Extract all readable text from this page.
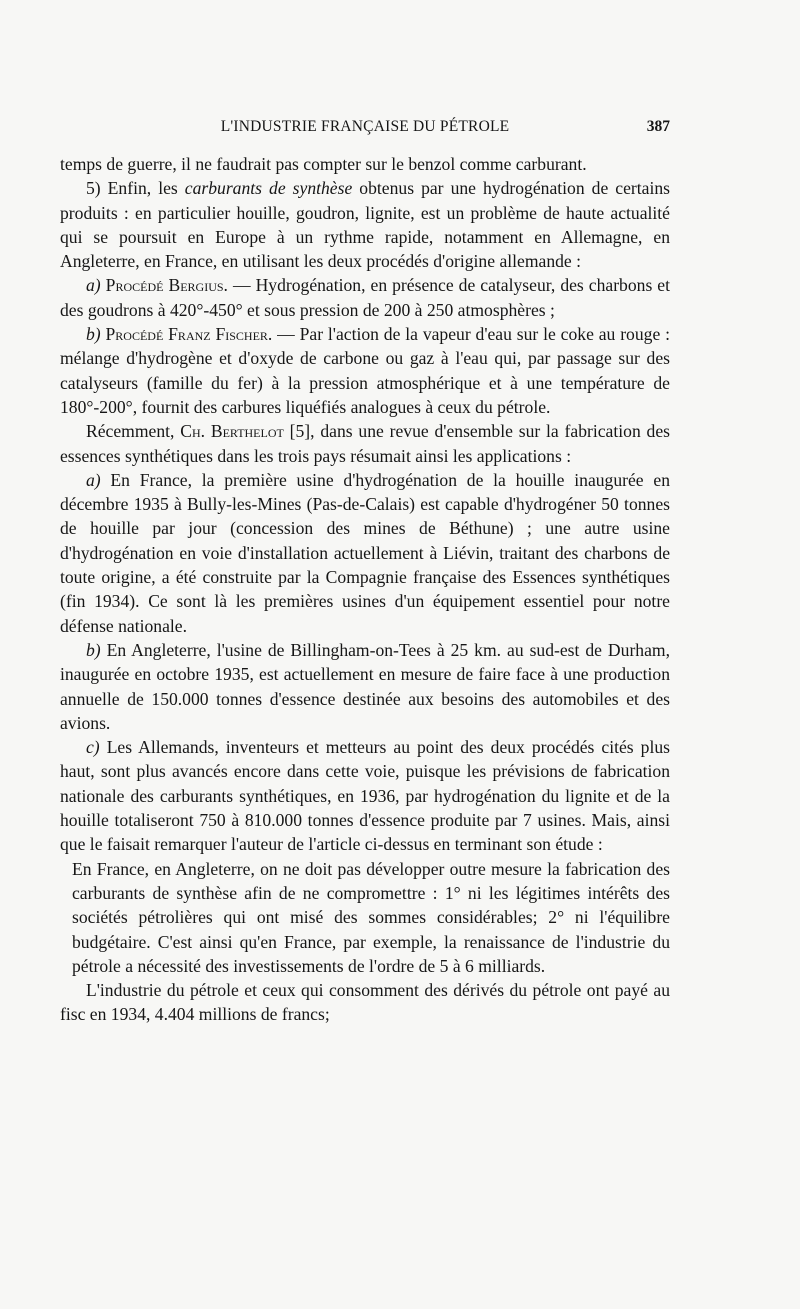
L'INDUSTRIE FRANÇAISE DU PÉTROLE	387

temps de guerre, il ne faudrait pas compter sur le benzol comme carburant.

5) Enfin, les carburants de synthèse obtenus par une hydrogénation de certains produits : en particulier houille, goudron, lignite, est un problème de haute actualité qui se poursuit en Europe à un rythme rapide, notamment en Allemagne, en Angleterre, en France, en utilisant les deux procédés d'origine allemande :

a) Procédé Bergius. — Hydrogénation, en présence de catalyseur, des charbons et des goudrons à 420°-450° et sous pression de 200 à 250 atmosphères ;

b) Procédé Franz Fischer. — Par l'action de la vapeur d'eau sur le coke au rouge : mélange d'hydrogène et d'oxyde de carbone ou gaz à l'eau qui, par passage sur des catalyseurs (famille du fer) à la pression atmosphérique et à une température de 180°-200°, fournit des carbures liquéfiés analogues à ceux du pétrole.

Récemment, Ch. Berthelot [5], dans une revue d'ensemble sur la fabrication des essences synthétiques dans les trois pays résumait ainsi les applications :

a) En France, la première usine d'hydrogénation de la houille inaugurée en décembre 1935 à Bully-les-Mines (Pas-de-Calais) est capable d'hydrogéner 50 tonnes de houille par jour (concession des mines de Béthune) ; une autre usine d'hydrogénation en voie d'installation actuellement à Liévin, traitant des charbons de toute origine, a été construite par la Compagnie française des Essences synthétiques (fin 1934). Ce sont là les premières usines d'un équipement essentiel pour notre défense nationale.

b) En Angleterre, l'usine de Billingham-on-Tees à 25 km. au sud-est de Durham, inaugurée en octobre 1935, est actuellement en mesure de faire face à une production annuelle de 150.000 tonnes d'essence destinée aux besoins des automobiles et des avions.

c) Les Allemands, inventeurs et metteurs au point des deux procédés cités plus haut, sont plus avancés encore dans cette voie, puisque les prévisions de fabrication nationale des carburants synthétiques, en 1936, par hydrogénation du lignite et de la houille totaliseront 750 à 810.000 tonnes d'essence produite par 7 usines. Mais, ainsi que le faisait remarquer l'auteur de l'article ci-dessus en terminant son étude :

En France, en Angleterre, on ne doit pas développer outre mesure la fabrication des carburants de synthèse afin de ne compromettre : 1° ni les légitimes intérêts des sociétés pétrolières qui ont misé des sommes considérables; 2° ni l'équilibre budgétaire. C'est ainsi qu'en France, par exemple, la renaissance de l'industrie du pétrole a nécessité des investissements de l'ordre de 5 à 6 milliards.

L'industrie du pétrole et ceux qui consomment des dérivés du pétrole ont payé au fisc en 1934, 4.404 millions de francs;
